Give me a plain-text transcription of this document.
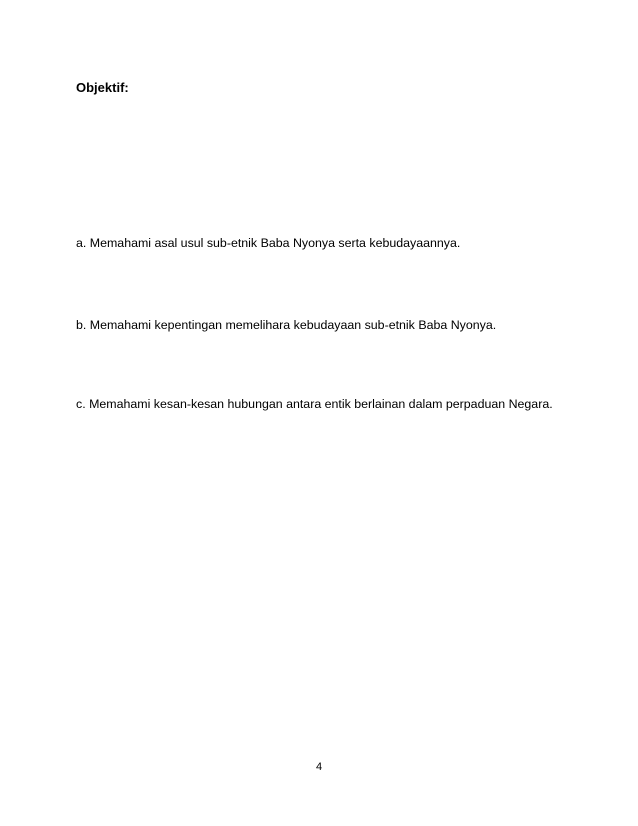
Objektif:
a. Memahami asal usul sub-etnik Baba Nyonya serta kebudayaannya.
b. Memahami kepentingan memelihara kebudayaan sub-etnik Baba Nyonya.
c. Memahami kesan-kesan hubungan antara entik berlainan dalam perpaduan Negara.
4
